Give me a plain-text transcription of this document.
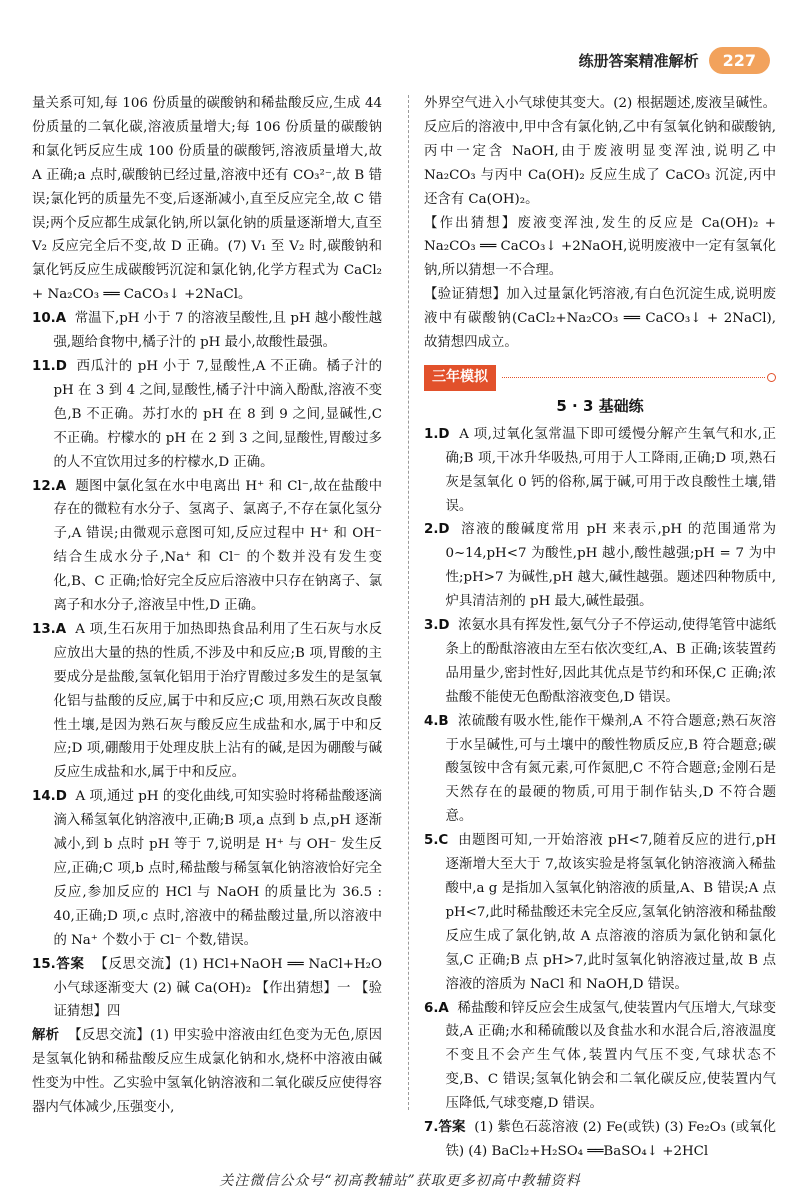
练册答案精准解析	227

量关系可知,每 106 份质量的碳酸钠和稀盐酸反应,生成 44 份质量的二氧化碳,溶液质量增大;每 106 份质量的碳酸钠和氯化钙反应生成 100 份质量的碳酸钙,溶液质量增大,故 A 正确;a 点时,碳酸钠已经过量,溶液中还有 CO₃²⁻,故 B 错误;氯化钙的质量先不变,后逐渐减小,直至反应完全,故 C 错误;两个反应都生成氯化钠,所以氯化钠的质量逐渐增大,直至 V₂ 反应完全后不变,故 D 正确。(7) V₁ 至 V₂ 时,碳酸钠和氯化钙反应生成碳酸钙沉淀和氯化钠,化学方程式为 CaCl₂ + Na₂CO₃ ══ CaCO₃↓ +2NaCl。

10.A 常温下,pH 小于 7 的溶液呈酸性,且 pH 越小酸性越强,题给食物中,橘子汁的 pH 最小,故酸性最强。

11.D 西瓜汁的 pH 小于 7,显酸性,A 不正确。橘子汁的 pH 在 3 到 4 之间,显酸性,橘子汁中滴入酚酞,溶液不变色,B 不正确。苏打水的 pH 在 8 到 9 之间,显碱性,C 不正确。柠檬水的 pH 在 2 到 3 之间,显酸性,胃酸过多的人不宜饮用过多的柠檬水,D 正确。

12.A 题图中氯化氢在水中电离出 H⁺ 和 Cl⁻,故在盐酸中存在的微粒有水分子、氢离子、氯离子,不存在氯化氢分子,A 错误;由微观示意图可知,反应过程中 H⁺ 和 OH⁻ 结合生成水分子,Na⁺ 和 Cl⁻ 的个数并没有发生变化,B、C 正确;恰好完全反应后溶液中只存在钠离子、氯离子和水分子,溶液呈中性,D 正确。

13.A A 项,生石灰用于加热即热食品利用了生石灰与水反应放出大量的热的性质,不涉及中和反应;B 项,胃酸的主要成分是盐酸,氢氧化铝用于治疗胃酸过多发生的是氢氧化铝与盐酸的反应,属于中和反应;C 项,用熟石灰改良酸性土壤,是因为熟石灰与酸反应生成盐和水,属于中和反应;D 项,硼酸用于处理皮肤上沾有的碱,是因为硼酸与碱反应生成盐和水,属于中和反应。

14.D A 项,通过 pH 的变化曲线,可知实验时将稀盐酸逐滴滴入稀氢氧化钠溶液中,正确;B 项,a 点到 b 点,pH 逐渐减小,到 b 点时 pH 等于 7,说明是 H⁺ 与 OH⁻ 发生反应,正确;C 项,b 点时,稀盐酸与稀氢氧化钠溶液恰好完全反应,参加反应的 HCl 与 NaOH 的质量比为 36.5 : 40,正确;D 项,c 点时,溶液中的稀盐酸过量,所以溶液中的 Na⁺ 个数小于 Cl⁻ 个数,错误。

15.答案 【反思交流】(1) HCl+NaOH ══ NaCl+H₂O 小气球逐渐变大 (2) 碱 Ca(OH)₂ 【作出猜想】一 【验证猜想】四

解析 【反思交流】(1) 甲实验中溶液由红色变为无色,原因是氢氧化钠和稀盐酸反应生成氯化钠和水,烧杯中溶液由碱性变为中性。乙实验中氢氧化钠溶液和二氧化碳反应使得容器内气体减少,压强变小,

外界空气进入小气球使其变大。(2) 根据题述,废液呈碱性。反应后的溶液中,甲中含有氯化钠,乙中有氢氧化钠和碳酸钠,丙中一定含 NaOH,由于废液明显变浑浊,说明乙中 Na₂CO₃ 与丙中 Ca(OH)₂ 反应生成了 CaCO₃ 沉淀,丙中还含有 Ca(OH)₂。

【作出猜想】废液变浑浊,发生的反应是 Ca(OH)₂ + Na₂CO₃ ══ CaCO₃↓ +2NaOH,说明废液中一定有氢氧化钠,所以猜想一不合理。

【验证猜想】加入过量氯化钙溶液,有白色沉淀生成,说明废液中有碳酸钠(CaCl₂+Na₂CO₃ ══ CaCO₃↓ + 2NaCl),故猜想四成立。

三年模拟
5 · 3 基础练

1.D A 项,过氧化氢常温下即可缓慢分解产生氧气和水,正确;B 项,干冰升华吸热,可用于人工降雨,正确;D 项,熟石灰是氢氧化 0 钙的俗称,属于碱,可用于改良酸性土壤,错误。

2.D 溶液的酸碱度常用 pH 来表示,pH 的范围通常为 0~14,pH<7 为酸性,pH 越小,酸性越强;pH = 7 为中性;pH>7 为碱性,pH 越大,碱性越强。题述四种物质中,炉具清洁剂的 pH 最大,碱性最强。

3.D 浓氨水具有挥发性,氨气分子不停运动,使得笔管中滤纸条上的酚酞溶液由左至右依次变红,A、B 正确;该装置药品用量少,密封性好,因此其优点是节约和环保,C 正确;浓盐酸不能使无色酚酞溶液变色,D 错误。

4.B 浓硫酸有吸水性,能作干燥剂,A 不符合题意;熟石灰溶于水呈碱性,可与土壤中的酸性物质反应,B 符合题意;碳酸氢铵中含有氮元素,可作氮肥,C 不符合题意;金刚石是天然存在的最硬的物质,可用于制作钻头,D 不符合题意。

5.C 由题图可知,一开始溶液 pH<7,随着反应的进行,pH 逐渐增大至大于 7,故该实验是将氢氧化钠溶液滴入稀盐酸中,a g 是指加入氢氧化钠溶液的质量,A、B 错误;A 点 pH<7,此时稀盐酸还未完全反应,氢氧化钠溶液和稀盐酸反应生成了氯化钠,故 A 点溶液的溶质为氯化钠和氯化氢,C 正确;B 点 pH>7,此时氢氧化钠溶液过量,故 B 点溶液的溶质为 NaCl 和 NaOH,D 错误。

6.A 稀盐酸和锌反应会生成氢气,使装置内气压增大,气球变鼓,A 正确;水和稀硫酸以及食盐水和水混合后,溶液温度不变且不会产生气体,装置内气压不变,气球状态不变,B、C 错误;氢氧化钠会和二氧化碳反应,使装置内气压降低,气球变瘪,D 错误。

7.答案 (1) 紫色石蕊溶液 (2) Fe(或铁) (3) Fe₂O₃ (或氧化铁) (4) BaCl₂+H₂SO₄ ══BaSO₄↓ +2HCl

关注微信公众号“初高教辅站”获取更多初高中教辅资料
